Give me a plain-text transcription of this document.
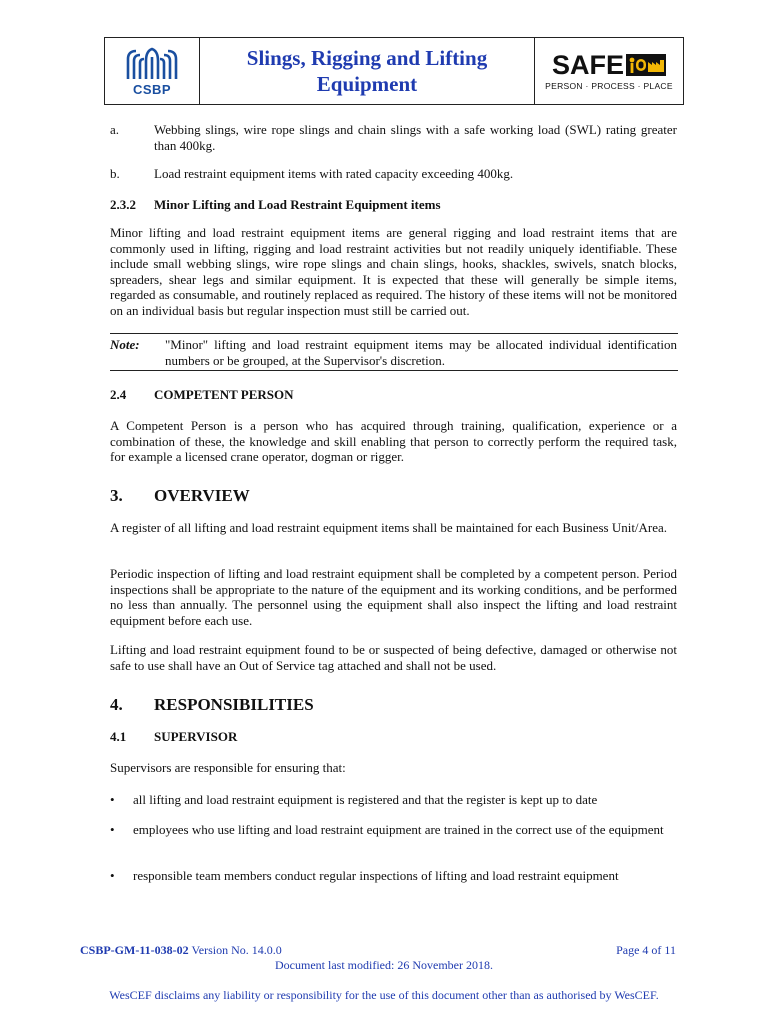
CSBP
Slings, Rigging and Lifting
Equipment
SAFE
PERSON · PROCESS · PLACE
a.	Webbing slings, wire rope slings and chain slings with a safe working load (SWL) rating greater than 400kg.
b.	Load restraint equipment items with rated capacity exceeding 400kg.
2.3.2 Minor Lifting and Load Restraint Equipment items
Minor lifting and load restraint equipment items are general rigging and load restraint items that are commonly used in lifting, rigging and load restraint activities but not readily uniquely identifiable. These include small webbing slings, wire rope slings and chain slings, hooks, shackles, swivels, snatch blocks, spreaders, shear legs and similar equipment. It is expected that these will generally be simple items, regarded as consumable, and routinely replaced as required. The history of these items will not be monitored on an individual basis but regular inspection must still be carried out.
Note: "Minor" lifting and load restraint equipment items may be allocated individual identification numbers or be grouped, at the Supervisor's discretion.
2.4 COMPETENT PERSON
A Competent Person is a person who has acquired through training, qualification, experience or a combination of these, the knowledge and skill enabling that person to correctly perform the required task, for example a licensed crane operator, dogman or rigger.
3. OVERVIEW
A register of all lifting and load restraint equipment items shall be maintained for each Business Unit/Area.
Periodic inspection of lifting and load restraint equipment shall be completed by a competent person. Period inspections shall be appropriate to the nature of the equipment and its working conditions, and be performed no less than annually. The personnel using the equipment shall also inspect the lifting and load restraint equipment before each use.
Lifting and load restraint equipment found to be or suspected of being defective, damaged or otherwise not safe to use shall have an Out of Service tag attached and shall not be used.
4. RESPONSIBILITIES
4.1 SUPERVISOR
Supervisors are responsible for ensuring that:
• all lifting and load restraint equipment is registered and that the register is kept up to date
• employees who use lifting and load restraint equipment are trained in the correct use of the equipment
• responsible team members conduct regular inspections of lifting and load restraint equipment
CSBP-GM-11-038-02 Version No. 14.0.0	Page 4 of 11
Document last modified: 26 November 2018.
WesCEF disclaims any liability or responsibility for the use of this document other than as authorised by WesCEF.
